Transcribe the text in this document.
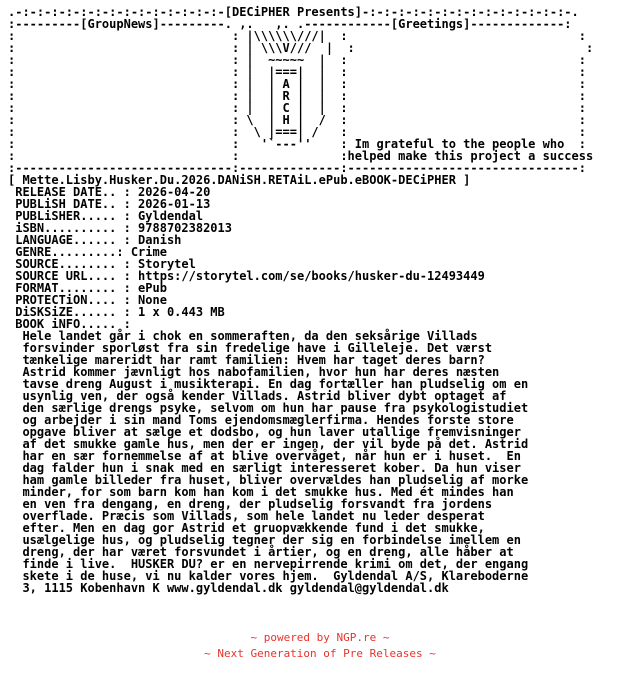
.-:-:-:-:-:-:-:-:-:-:-:-:-:-:-[DECiPHER Presents]-:-:-:-:-:-:-:-:-:-:-:-:-:-:-.
:---------[GroupNews]---------. ,.   ,. .------------[Greetings]-------------:
:                              : |\\\\\\///|  :                                :
:                              : | \\\V///  |  :                                :
:                              : |  ~~~~~  |  :                                :
:                              : |  |===|  |  :                                :
:                              : |  | A |  |  :                                :
:                              : |  | R |  |  :                                :
:                              : |  | C |  |  :                                :
:                              : \  | H |  /  :                                :
:                              :  \ |===| /   :                                :
:                              :   '`---''    : Im grateful to the people who  :
:                              :              :helped make this project a success
:------------------------------:--------------:--------------------------------:
[ Mette.Lisby.Husker.Du.2026.DANiSH.RETAiL.ePub.eBOOK-DECiPHER ]
RELEASE DATE.. : 2026-04-20
PUBLiSH DATE.. : 2026-01-13
PUBLiSHER..... : Gyldendal
iSBN.......... : 9788702382013
LANGUAGE...... : Danish
GENRE.........: Crime
SOURCE........ : Storytel
SOURCE URL.... : https://storytel.com/se/books/husker-du-12493449
FORMAT........ : ePub
PROTECTiON.... : None
DiSKSiZE...... : 1 x 0.443 MB
BOOK iNFO..... :
Hele landet går i chok en sommeraften, da den seksårige Villads
forsvinder sporløst fra sin fredelige have i Gilleleje. Det værst
tænkelige mareridt har ramt familien: Hvem har taget deres barn?
Astrid kommer jævnligt hos nabofamilien, hvor hun har deres næsten
tavse dreng August i musikterapi. En dag fortæller han pludselig om en
usynlig ven, der også kender Villads. Astrid bliver dybt optaget af
den særlige drengs psyke, selvom om hun har pause fra psykologistudiet
og arbejder i sin mand Toms ejendomsmæglerfirma. Hendes forste store
opgave bliver at sælge et dodsbo, og hun laver utallige fremvisninger
af det smukke gamle hus, men der er ingen, der vil byde på det. Astrid
har en sær fornemmelse af at blive overvåget, når hun er i huset.  En
dag falder hun i snak med en særligt interesseret kober. Da hun viser
ham gamle billeder fra huset, bliver overvældes han pludselig af morke
minder, for som barn kom han kom i det smukke hus. Med ét mindes han
en ven fra dengang, en dreng, der pludselig forsvandt fra jordens
overflade. Præcis som Villads, som hele landet nu leder desperat
efter. Men en dag gor Astrid et gruopvækkende fund i det smukke,
usælgelige hus, og pludselig tegner der sig en forbindelse imellem en
dreng, der har været forsvundet i årtier, og en dreng, alle håber at
finde i live.  HUSKER DU? er en nervepirrende krimi om det, der engang
skete i de huse, vi nu kalder vores hjem.  Gyldendal A/S, Klareboderne
3, 1115 Kobenhavn K www.gyldendal.dk gyldendal@gyldendal.dk
~ powered by NGP.re ~
~ Next Generation of Pre Releases ~
